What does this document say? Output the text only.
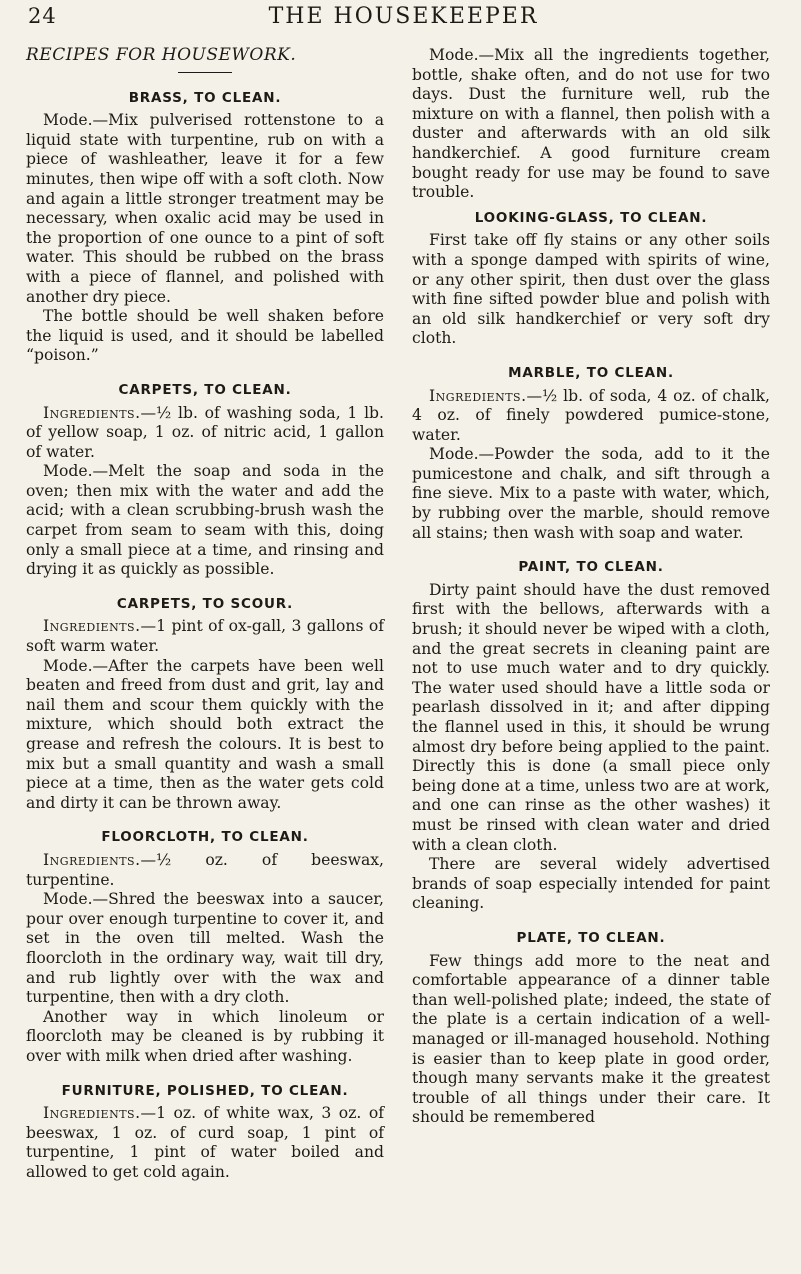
24	THE HOUSEKEEPER
RECIPES FOR HOUSEWORK.
BRASS, TO CLEAN.

Mode.—Mix pulverised rottenstone to a liquid state with turpentine, rub on with a piece of washleather, leave it for a few minutes, then wipe off with a soft cloth. Now and again a little stronger treatment may be necessary, when oxalic acid may be used in the proportion of one ounce to a pint of soft water. This should be rubbed on the brass with a piece of flannel, and polished with another dry piece.

The bottle should be well shaken before the liquid is used, and it should be labelled “poison.”

CARPETS, TO CLEAN.

Ingredients.—½ lb. of washing soda, 1 lb. of yellow soap, 1 oz. of nitric acid, 1 gallon of water.

Mode.—Melt the soap and soda in the oven; then mix with the water and add the acid; with a clean scrubbing-brush wash the carpet from seam to seam with this, doing only a small piece at a time, and rinsing and drying it as quickly as possible.

CARPETS, TO SCOUR.

Ingredients.—1 pint of ox-gall, 3 gallons of soft warm water.

Mode.—After the carpets have been well beaten and freed from dust and grit, lay and nail them and scour them quickly with the mixture, which should both extract the grease and refresh the colours. It is best to mix but a small quantity and wash a small piece at a time, then as the water gets cold and dirty it can be thrown away.

FLOORCLOTH, TO CLEAN.

Ingredients.—½ oz. of beeswax, turpentine.

Mode.—Shred the beeswax into a saucer, pour over enough turpentine to cover it, and set in the oven till melted. Wash the floorcloth in the ordinary way, wait till dry, and rub lightly over with the wax and turpentine, then with a dry cloth.

Another way in which linoleum or floorcloth may be cleaned is by rubbing it over with milk when dried after washing.

FURNITURE, POLISHED, TO CLEAN.

Ingredients.—1 oz. of white wax, 3 oz. of beeswax, 1 oz. of curd soap, 1 pint of turpentine, 1 pint of water boiled and allowed to get cold again.

Mode.—Mix all the ingredients together, bottle, shake often, and do not use for two days. Dust the furniture well, rub the mixture on with a flannel, then polish with a duster and afterwards with an old silk handkerchief. A good furniture cream bought ready for use may be found to save trouble.

LOOKING-GLASS, TO CLEAN.

First take off fly stains or any other soils with a sponge damped with spirits of wine, or any other spirit, then dust over the glass with fine sifted powder blue and polish with an old silk handkerchief or very soft dry cloth.

MARBLE, TO CLEAN.

Ingredients.—½ lb. of soda, 4 oz. of chalk, 4 oz. of finely powdered pumice-stone, water.

Mode.—Powder the soda, add to it the pumicestone and chalk, and sift through a fine sieve. Mix to a paste with water, which, by rubbing over the marble, should remove all stains; then wash with soap and water.

PAINT, TO CLEAN.

Dirty paint should have the dust removed first with the bellows, afterwards with a brush; it should never be wiped with a cloth, and the great secrets in cleaning paint are not to use much water and to dry quickly. The water used should have a little soda or pearlash dissolved in it; and after dipping the flannel used in this, it should be wrung almost dry before being applied to the paint. Directly this is done (a small piece only being done at a time, unless two are at work, and one can rinse as the other washes) it must be rinsed with clean water and dried with a clean cloth.

There are several widely advertised brands of soap especially intended for paint cleaning.

PLATE, TO CLEAN.

Few things add more to the neat and comfortable appearance of a dinner table than well-polished plate; indeed, the state of the plate is a certain indication of a well-managed or ill-managed household. Nothing is easier than to keep plate in good order, though many servants make it the greatest trouble of all things under their care. It should be remembered
